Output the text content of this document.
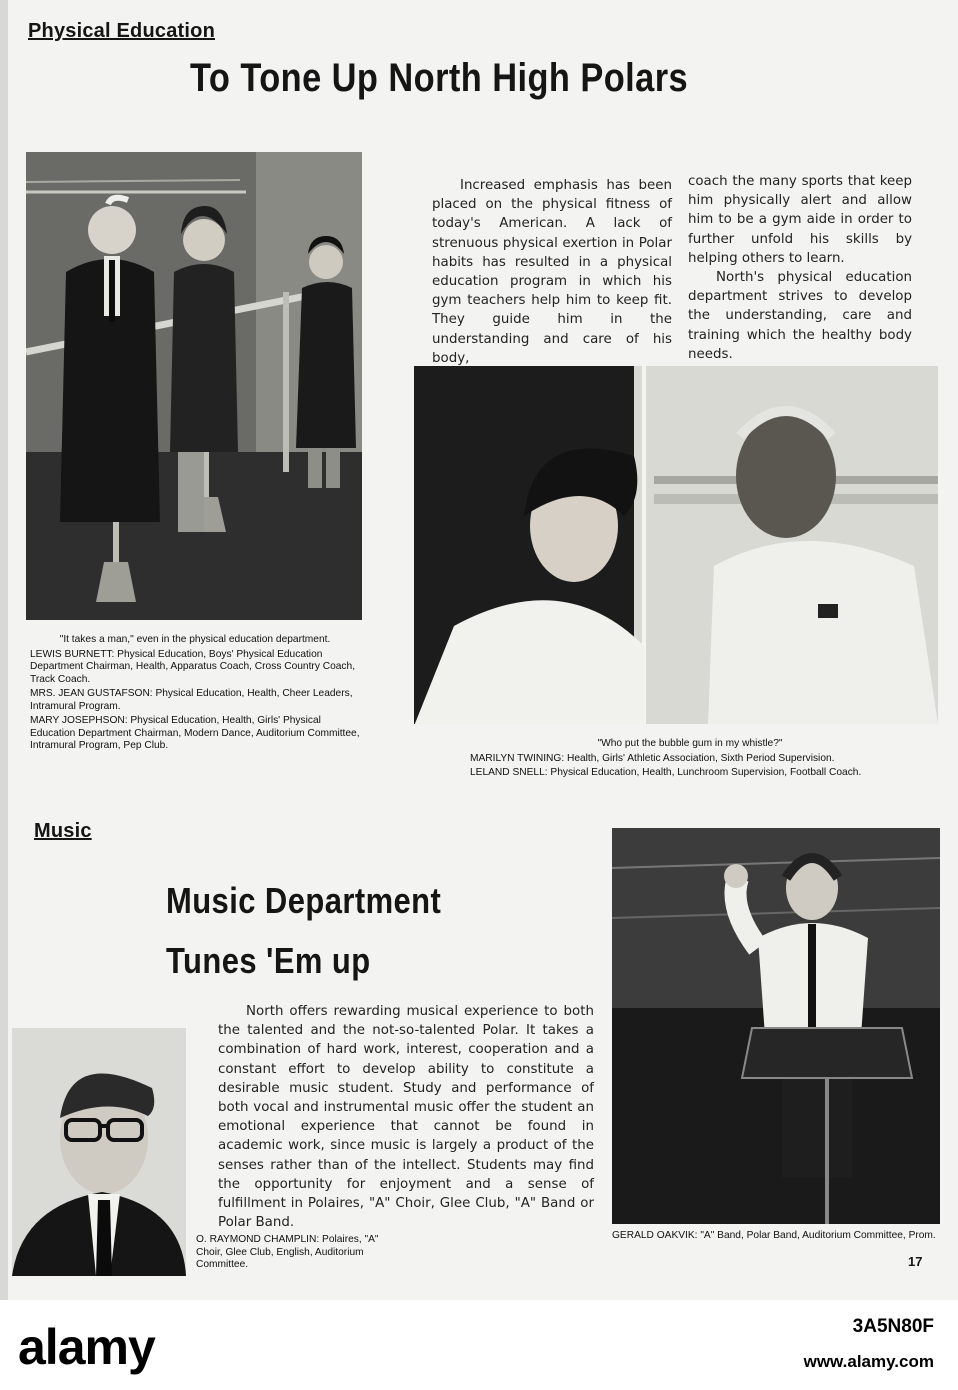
Physical Education
To Tone Up North High Polars
Increased emphasis has been placed on the physical fitness of today's American. A lack of strenuous physical exertion in Polar habits has resulted in a physical education program in which his gym teachers help him to keep fit. They guide him in the understanding and care of his body,
coach the many sports that keep him physically alert and allow him to be a gym aide in order to further unfold his skills by helping others to learn.
North's physical education department strives to develop the understanding, care and training which the healthy body needs.

"It takes a man," even in the physical education department.

LEWIS BURNETT: Physical Education, Boys' Physical Education Department Chairman, Health, Apparatus Coach, Cross Country Coach, Track Coach.

MRS. JEAN GUSTAFSON: Physical Education, Health, Cheer Leaders, Intramural Program.

MARY JOSEPHSON: Physical Education, Health, Girls' Physical Education Department Chairman, Modern Dance, Auditorium Committee, Intramural Program, Pep Club.	"Who put the bubble gum in my whistle?"

MARILYN TWINING: Health, Girls' Athletic Association, Sixth Period Supervision.

LELAND SNELL: Physical Education, Health, Lunchroom Supervision, Football Coach.

Music
Music Department
Tunes 'Em up
North offers rewarding musical experience to both the talented and the not-so-talented Polar. It takes a combination of hard work, interest, cooperation and a constant effort to develop ability to constitute a desirable music student. Study and performance of both vocal and instrumental music offer the student an emotional experience that cannot be found in academic work, since music is largely a product of the senses rather than of the intellect. Students may find the opportunity for enjoyment and a sense of fulfillment in Polaires, "A" Choir, Glee Club, "A" Band or Polar Band.
O. RAYMOND CHAMPLIN: Polaires, "A" Choir, Glee Club, English, Auditorium Committee.
GERALD OAKVIK: "A" Band, Polar Band, Auditorium Committee, Prom.
17
alamy	3A5N80F
www.alamy.com
